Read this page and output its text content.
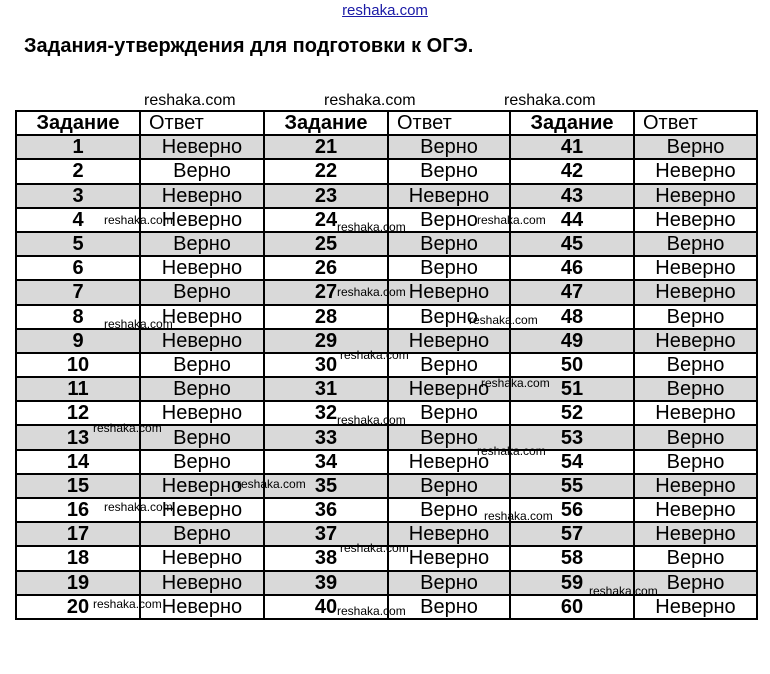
reshaka.com
Задания-утверждения для подготовки к ОГЭ.
reshaka.com	reshaka.com	reshaka.com
Задание	Ответ	Задание	Ответ	Задание	Ответ
1	Неверно	21	Верно	41	Верно
2	Верно	22	Верно	42	Неверно
3	Неверно	23	Неверно	43	Неверно
4	Неверно	24	Верно	44	Неверно
5	Верно	25	Верно	45	Верно
6	Неверно	26	Верно	46	Неверно
7	Верно	27	Неверно	47	Неверно
8	Неверно	28	Верно	48	Верно
9	Неверно	29	Неверно	49	Неверно
10	Верно	30	Верно	50	Верно
11	Верно	31	Неверно	51	Верно
12	Неверно	32	Верно	52	Неверно
13	Верно	33	Верно	53	Верно
14	Верно	34	Неверно	54	Верно
15	Неверно	35	Верно	55	Неверно
16	Неверно	36	Верно	56	Неверно
17	Верно	37	Неверно	57	Неверно
18	Неверно	38	Неверно	58	Верно
19	Неверно	39	Верно	59	Верно
20	Неверно	40	Верно	60	Неверно
reshaka.com	reshaka.com	reshaka.com
reshaka.com
reshaka.com	reshaka.com
reshaka.com
reshaka.com
reshaka.com
reshaka.com
reshaka.com
reshaka.com
reshaka.com
reshaka.com
reshaka.com
reshaka.com
reshaka.com	reshaka.com
